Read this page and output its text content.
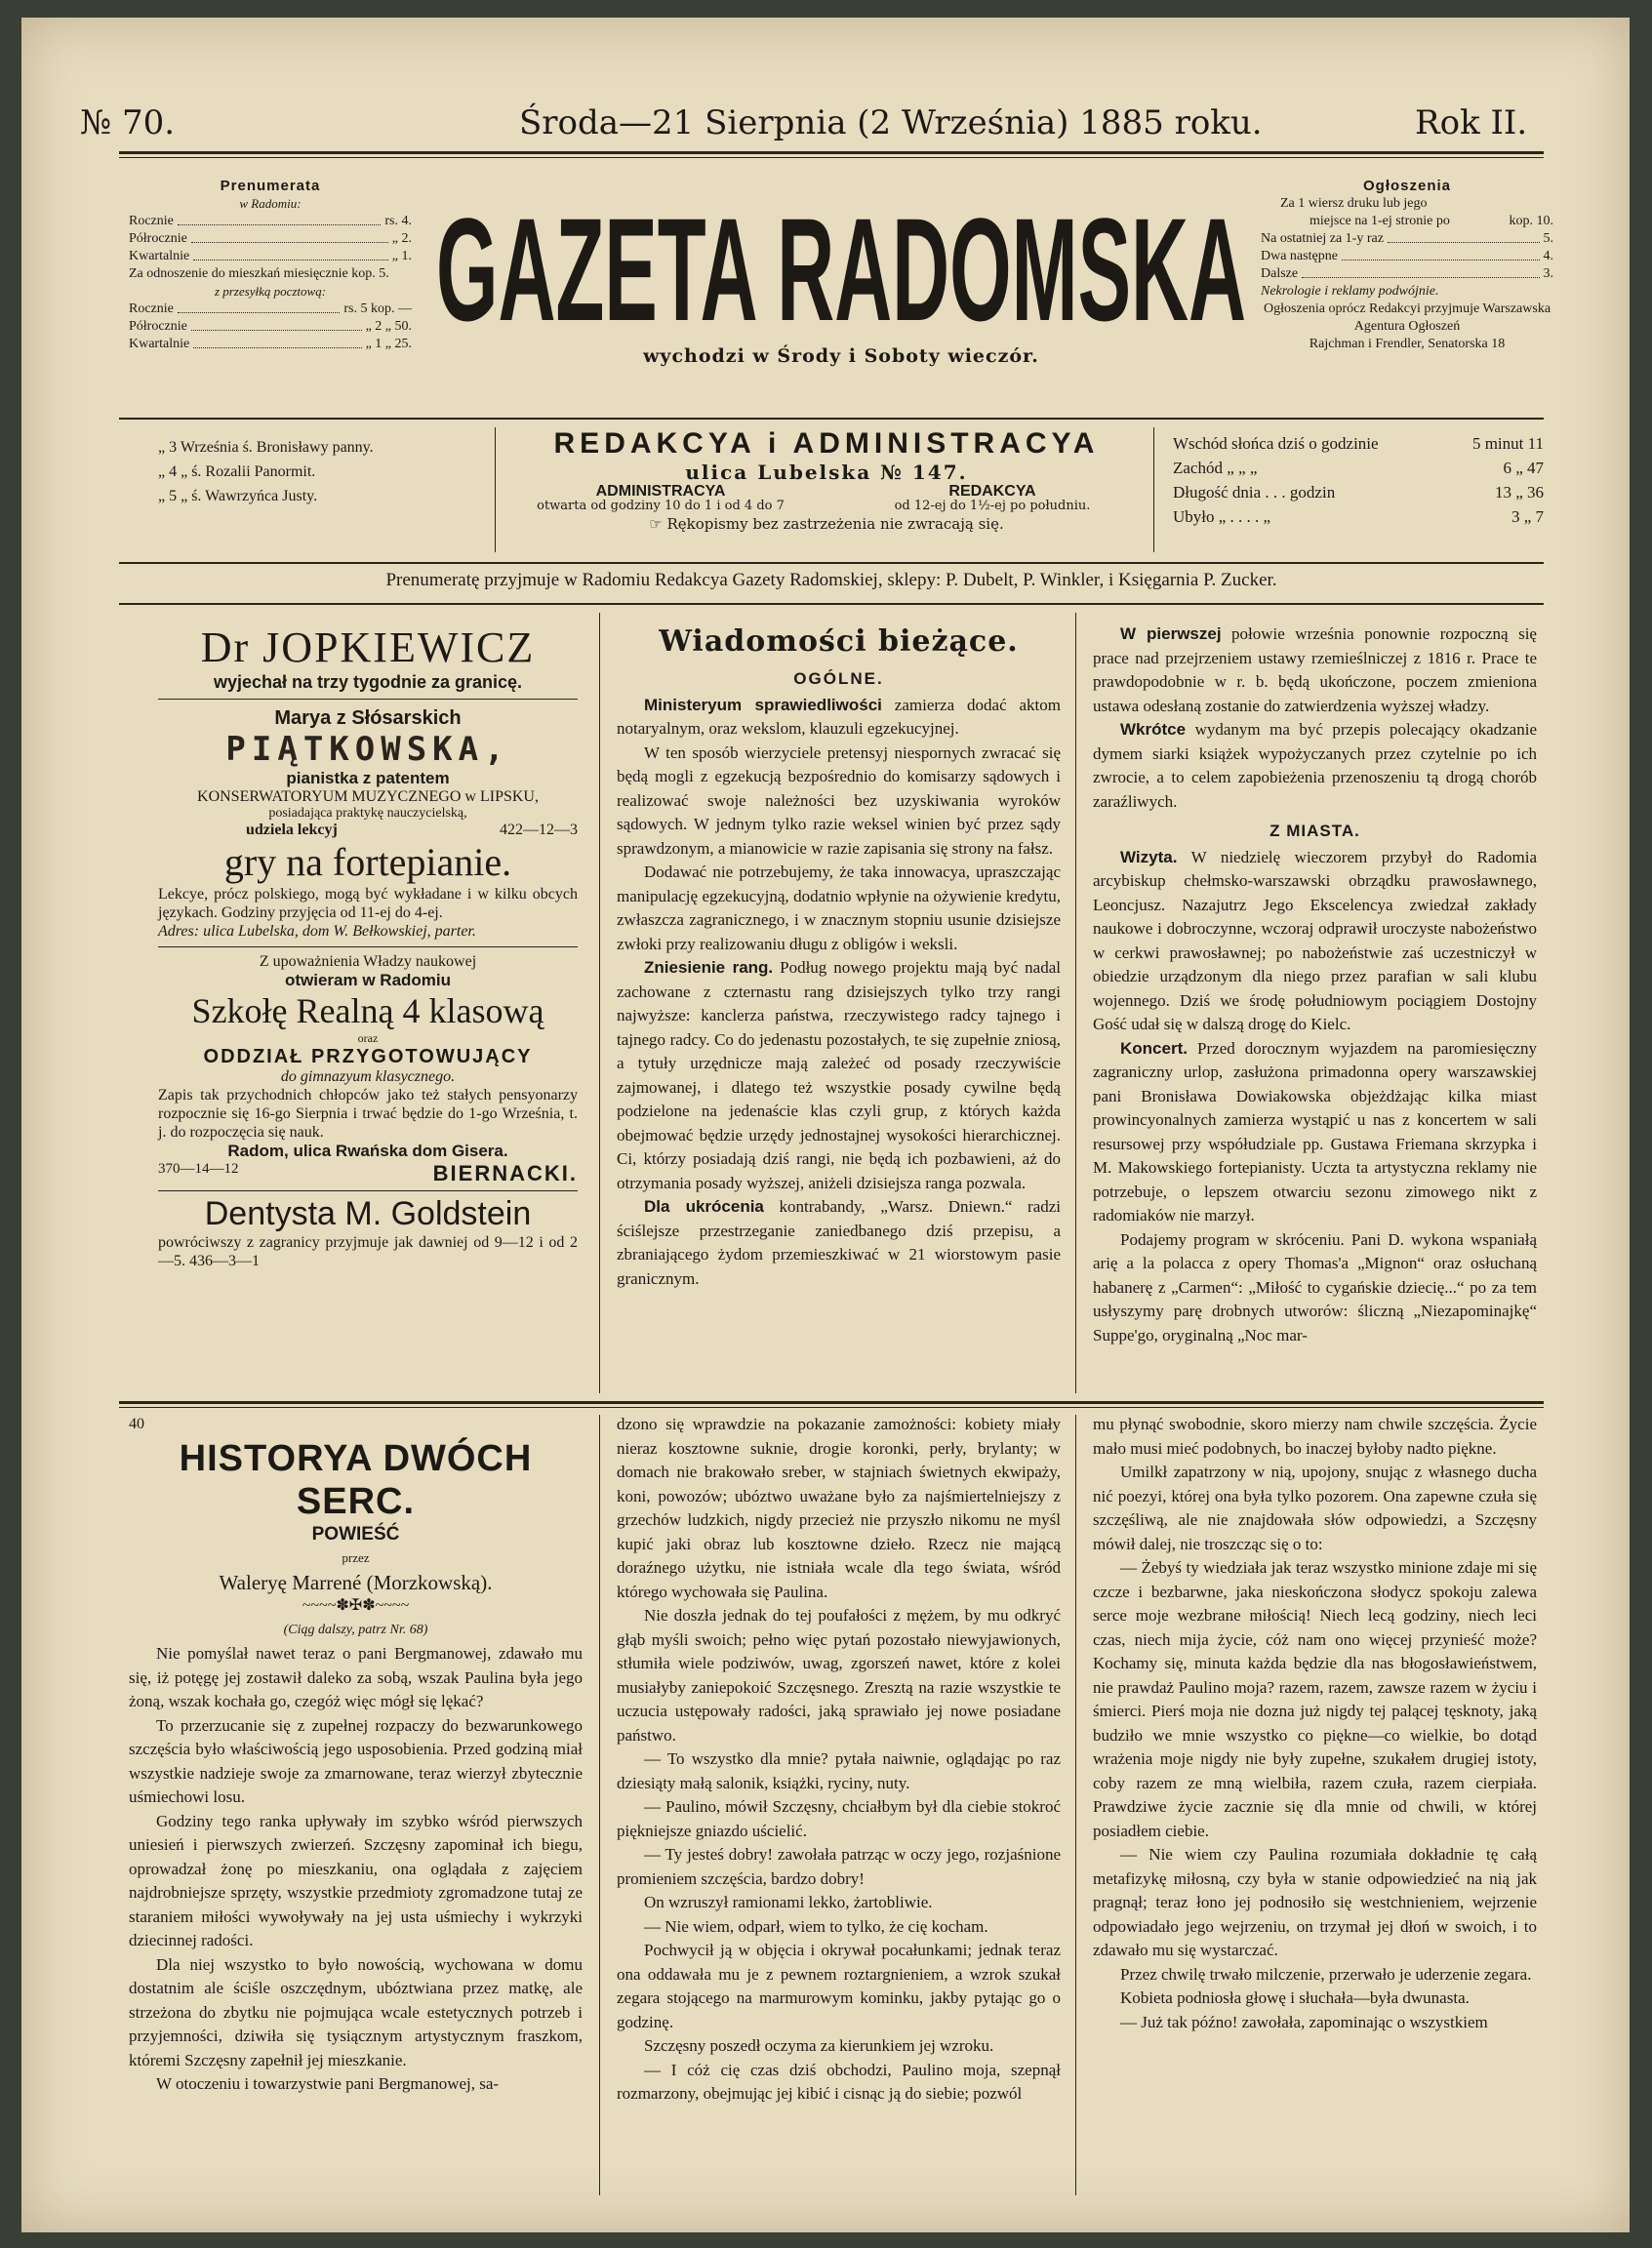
№ 70.	Środa—21 Sierpnia (2 Września) 1885 roku.	Rok II.
Prenumerata
w Radomiu:
Rocznie	rs. 4.
Półrocznie	„ 2.
Kwartalnie	„ 1.
Za odnoszenie do mieszkań miesięcznie kop. 5.
z przesyłką pocztową:
Rocznie	rs. 5 kop. —
Półrocznie	„ 2 „ 50.
Kwartalnie	„ 1 „ 25. GAZETA RADOMSKA
wychodzi w Środy i Soboty wieczór.
Ogłoszenia
Za 1 wiersz druku lub jego
miejsce na 1-ej stronie po	kop. 10.
Na ostatniej za 1-y raz	5.
Dwa następne	4.
Dalsze	3.
Nekrologie i reklamy podwójnie.
Ogłoszenia oprócz Redakcyi przyjmuje Warszawska Agentura Ogłoszeń
Rajchman i Frendler, Senatorska 18
„ 3 Września ś. Bronisławy panny.
„ 4 „ ś. Rozalii Panormit.
„ 5 „ ś. Wawrzyńca Justy.
REDAKCYA i ADMINISTRACYA
ulica Lubelska № 147.
ADMINISTRACYA
otwarta od godziny 10 do 1 i od 4 do 7
REDAKCYA
od 12-ej do 1½-ej po południu.
☞ Rękopismy bez zastrzeżenia nie zwracają się.
Wschód słońca dziś o godzinie	5 minut 11
Zachód „ „ „	6 „ 47
Długość dnia . . . godzin	13 „ 36
Ubyło „ . . . . „	3 „ 7
Prenumeratę przyjmuje w Radomiu Redakcya Gazety Radomskiej, sklepy: P. Dubelt, P. Winkler, i Księgarnia P. Zucker.
Dr JOPKIEWICZ
wyjechał na trzy tygodnie za granicę.
Marya z Słósarskich
PIĄTKOWSKA,
pianistka z patentem
KONSERWATORYUM MUZYCZNEGO w LIPSKU,
posiadająca praktykę nauczycielską,
udziela lekcyj	422—12—3
gry na fortepianie.
Lekcye, prócz polskiego, mogą być wykładane i w kilku obcych językach. Godziny przyjęcia od 11-ej do 4-ej.
Adres: ulica Lubelska, dom W. Bełkowskiej, parter.
Z upoważnienia Władzy naukowej
otwieram w Radomiu
Szkołę Realną 4 klasową
oraz
ODDZIAŁ PRZYGOTOWUJĄCY
do gimnazyum klasycznego.
Zapis tak przychodnich chłopców jako też stałych pensyonarzy rozpocznie się 16-go Sierpnia i trwać będzie do 1-go Września, t. j. do rozpoczęcia się nauk.
Radom, ulica Rwańska dom Gisera.
370—14—12	BIERNACKI.
Dentysta M. Goldstein
powróciwszy z zagranicy przyjmuje jak dawniej od 9—12 i od 2—5. 436—3—1
Wiadomości bieżące.
OGÓLNE.

Ministeryum sprawiedliwości zamierza dodać aktom notaryalnym, oraz wekslom, klauzuli egzekucyjnej.

W ten sposób wierzyciele pretensyj niespornych zwracać się będą mogli z egzekucją bezpośrednio do komisarzy sądowych i realizować swoje należności bez uzyskiwania wyroków sądowych. W jednym tylko razie weksel winien być przez sądy sprawdzonym, a mianowicie w razie zapisania się strony na fałsz.

Dodawać nie potrzebujemy, że taka innowacya, upraszczając manipulację egzekucyjną, dodatnio wpłynie na ożywienie kredytu, zwłaszcza zagranicznego, i w znacznym stopniu usunie dzisiejsze zwłoki przy realizowaniu długu z obligów i weksli.

Zniesienie rang. Podług nowego projektu mają być nadal zachowane z czternastu rang dzisiejszych tylko trzy rangi najwyższe: kanclerza państwa, rzeczywistego radcy tajnego i tajnego radcy. Co do jedenastu pozostałych, te się zupełnie zniosą, a tytuły urzędnicze mają zależeć od posady rzeczywiście zajmowanej, i dlatego też wszystkie posady cywilne będą podzielone na jedenaście klas czyli grup, z których każda obejmować będzie urzędy jednostajnej wysokości hierarchicznej. Ci, którzy posiadają dziś rangi, nie będą ich pozbawieni, aż do otrzymania posady wyższej, aniżeli dzisiejsza ranga pozwala.

Dla ukrócenia kontrabandy, „Warsz. Dniewn.“ radzi ściślejsze przestrzeganie zaniedbanego dziś przepisu, a zbraniającego żydom przemieszkiwać w 21 wiorstowym pasie granicznym.

W pierwszej połowie września ponownie rozpoczną się prace nad przejrzeniem ustawy rzemieślniczej z 1816 r. Prace te prawdopodobnie w r. b. będą ukończone, poczem zmieniona ustawa odesłaną zostanie do zatwierdzenia wyższej władzy.

Wkrótce wydanym ma być przepis polecający okadzanie dymem siarki książek wypożyczanych przez czytelnie po ich zwrocie, a to celem zapobieżenia przenoszeniu tą drogą chorób zaraźliwych.

Z MIASTA.

Wizyta. W niedzielę wieczorem przybył do Radomia arcybiskup chełmsko-warszawski obrządku prawosławnego, Leoncjusz. Nazajutrz Jego Ekscelencya zwiedzał zakłady naukowe i dobroczynne, wczoraj odprawił uroczyste nabożeństwo w cerkwi prawosławnej; po nabożeństwie zaś uczestniczył w obiedzie urządzonym dla niego przez parafian w sali klubu wojennego. Dziś we środę południowym pociągiem Dostojny Gość udał się w dalszą drogę do Kielc.

Koncert. Przed dorocznym wyjazdem na paromiesięczny zagraniczny urlop, zasłużona primadonna opery warszawskiej pani Bronisława Dowiakowska objeżdżając kilka miast prowincyonalnych zamierza wystąpić u nas z koncertem w sali resursowej przy współudziale pp. Gustawa Friemana skrzypka i M. Makowskiego fortepianisty. Uczta ta artystyczna reklamy nie potrzebuje, o lepszem otwarciu sezonu zimowego nikt z radomiaków nie marzył.

Podajemy program w skróceniu. Pani D. wykona wspaniałą arię a la polacca z opery Thomas'a „Mignon“ oraz osłuchaną habanerę z „Carmen“: „Miłość to cygańskie dziecię...“ po za tem usłyszymy parę drobnych utworów: śliczną „Niezapominajkę“ Suppe'go, oryginalną „Noc mar-

40
HISTORYA DWÓCH SERC.
POWIEŚĆ
przez
Waleryę Marrené (Morzkowską).
~~~~✽✠✽~~~~
(Ciąg dalszy, patrz Nr. 68)

Nie pomyślał nawet teraz o pani Bergmanowej, zdawało mu się, iż potęgę jej zostawił daleko za sobą, wszak Paulina była jego żoną, wszak kochała go, czegóż więc mógł się lękać?

To przerzucanie się z zupełnej rozpaczy do bezwarunkowego szczęścia było właściwością jego usposobienia. Przed godziną miał wszystkie nadzieje swoje za zmarnowane, teraz wierzył zbytecznie uśmiechowi losu.

Godziny tego ranka upływały im szybko wśród pierwszych uniesień i pierwszych zwierzeń. Szczęsny zapominał ich biegu, oprowadzał żonę po mieszkaniu, ona oglądała z zajęciem najdrobniejsze sprzęty, wszystkie przedmioty zgromadzone tutaj ze staraniem miłości wywoływały na jej usta uśmiechy i wykrzyki dziecinnej radości.

Dla niej wszystko to było nowością, wychowana w domu dostatnim ale ściśle oszczędnym, ubóztwiana przez matkę, ale strzeżona do zbytku nie pojmująca wcale estetycznych potrzeb i przyjemności, dziwiła się tysiącznym artystycznym fraszkom, któremi Szczęsny zapełnił jej mieszkanie.

W otoczeniu i towarzystwie pani Bergmanowej, sa-

dzono się wprawdzie na pokazanie zamożności: kobiety miały nieraz kosztowne suknie, drogie koronki, perły, brylanty; w domach nie brakowało sreber, w stajniach świetnych ekwipaży, koni, powozów; ubóztwo uważane było za najśmiertelniejszy z grzechów ludzkich, nigdy przecież nie przyszło nikomu ne myśl kupić jaki obraz lub kosztowne dzieło. Rzecz nie mającą doraźnego użytku, nie istniała wcale dla tego świata, wśród którego wychowała się Paulina.

Nie doszła jednak do tej poufałości z mężem, by mu odkryć głąb myśli swoich; pełno więc pytań pozostało niewyjawionych, stłumiła wiele podziwów, uwag, zgorszeń nawet, które z kolei musiałyby zaniepokoić Szczęsnego. Zresztą na razie wszystkie te uczucia ustępowały radości, jaką sprawiało jej nowe posiadane państwo.

— To wszystko dla mnie? pytała naiwnie, oglądając po raz dziesiąty małą salonik, książki, ryciny, nuty.

— Paulino, mówił Szczęsny, chciałbym był dla ciebie stokroć piękniejsze gniazdo uścielić.

— Ty jesteś dobry! zawołała patrząc w oczy jego, rozjaśnione promieniem szczęścia, bardzo dobry!

On wzruszył ramionami lekko, żartobliwie.

— Nie wiem, odparł, wiem to tylko, że cię kocham.

Pochwycił ją w objęcia i okrywał pocałunkami; jednak teraz ona oddawała mu je z pewnem roztargnieniem, a wzrok szukał zegara stojącego na marmurowym kominku, jakby pytając go o godzinę.

Szczęsny poszedł oczyma za kierunkiem jej wzroku.

— I cóż cię czas dziś obchodzi, Paulino moja, szepnął rozmarzony, obejmując jej kibić i cisnąc ją do siebie; pozwól

mu płynąć swobodnie, skoro mierzy nam chwile szczęścia. Życie mało musi mieć podobnych, bo inaczej byłoby nadto piękne.

Umilkł zapatrzony w nią, upojony, snując z własnego ducha nić poezyi, której ona była tylko pozorem. Ona zapewne czuła się szczęśliwą, ale nie znajdowała słów odpowiedzi, a Szczęsny mówił dalej, nie troszcząc się o to:

— Żebyś ty wiedziała jak teraz wszystko minione zdaje mi się czcze i bezbarwne, jaka nieskończona słodycz spokoju zalewa serce moje wezbrane miłością! Niech lecą godziny, niech leci czas, niech mija życie, cóż nam ono więcej przynieść może? Kochamy się, minuta każda będzie dla nas błogosławieństwem, nie prawdaż Paulino moja? razem, razem, zawsze razem w życiu i śmierci. Pierś moja nie dozna już nigdy tej palącej tęsknoty, jaką budziło we mnie wszystko co piękne—co wielkie, bo dotąd wrażenia moje nigdy nie były zupełne, szukałem drugiej istoty, coby razem ze mną wielbiła, razem czuła, razem cierpiała. Prawdziwe życie zacznie się dla mnie od chwili, w której posiadłem ciebie.

— Nie wiem czy Paulina rozumiała dokładnie tę całą metafizykę miłosną, czy była w stanie odpowiedzieć na nią jak pragnął; teraz łono jej podnosiło się westchnieniem, wejrzenie odpowiadało jego wejrzeniu, on trzymał jej dłoń w swoich, i to zdawało mu się wystarczać.

Przez chwilę trwało milczenie, przerwało je uderzenie zegara.

Kobieta podniosła głowę i słuchała—była dwunasta.

— Już tak późno! zawołała, zapominając o wszystkiem
